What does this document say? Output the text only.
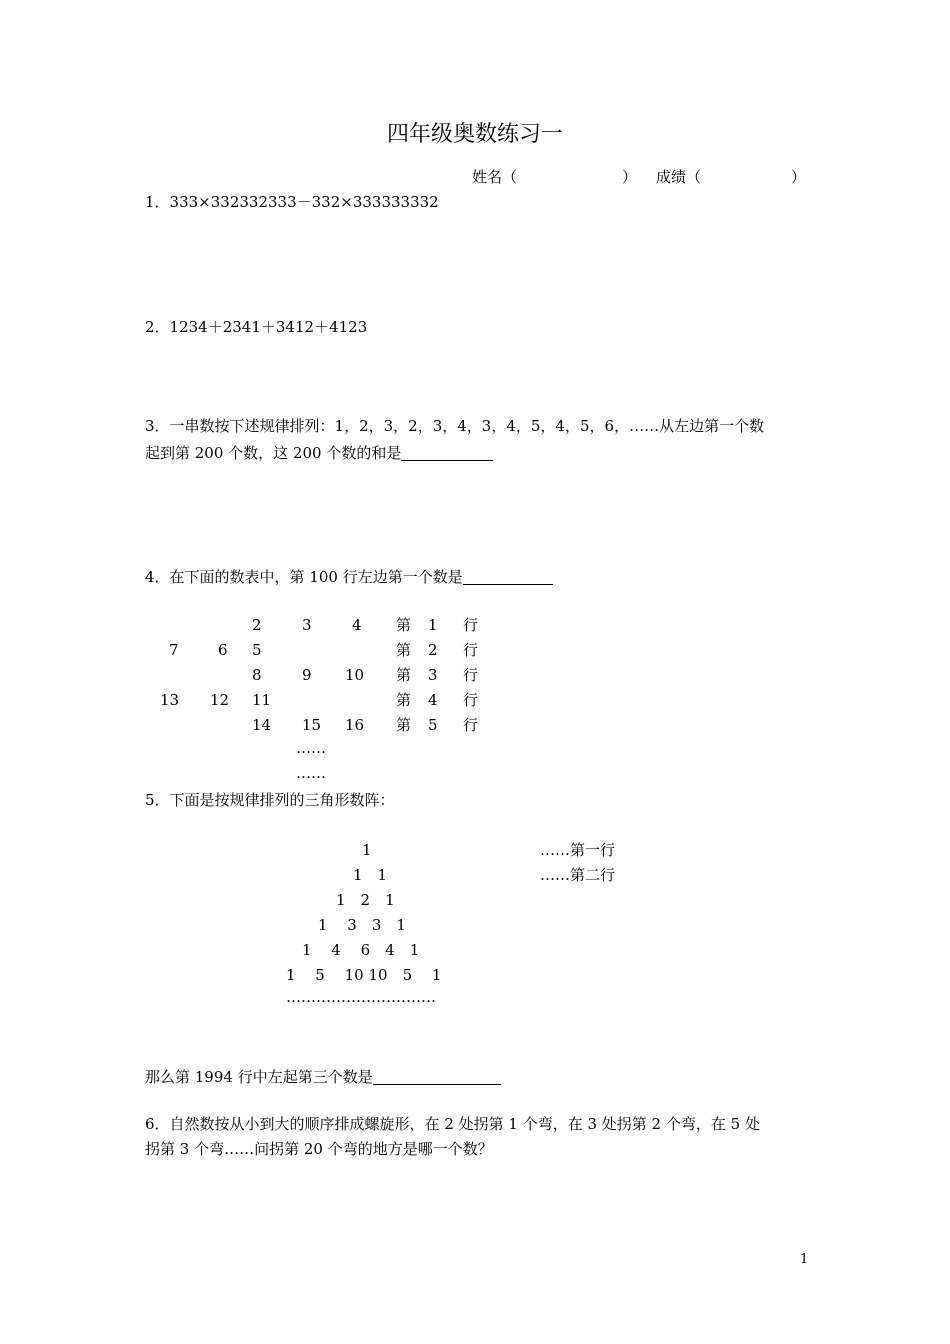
四年级奥数练习一
姓名（	） 成绩（	）
1．333×332332333－332×333333332
2．1234＋2341＋3412＋4123
3．一串数按下述规律排列：1，2，3，2，3，4，3，4，5，4，5，6，……从左边第一个数
起到第 200 个数，这 200 个数的和是
4．在下面的数表中，第 100 行左边第一个数是
2	3	4 第 1 行
7	6 5	第 2 行
8	9 10 第 3 行
13 12 11	第 4 行
14 15 16 第 5 行
……
……
5．下面是按规律排列的三角形数阵：
1
1　1
1　2　1
1　 3　3　1
1　 4　 6　4　1
1　 5　 10 10　5　 1
…………………………
……第一行
……第二行
那么第 1994 行中左起第三个数是
6．自然数按从小到大的顺序排成螺旋形，在 2 处拐第 1 个弯，在 3 处拐第 2 个弯，在 5 处
拐第 3 个弯……问拐第 20 个弯的地方是哪一个数？
1
